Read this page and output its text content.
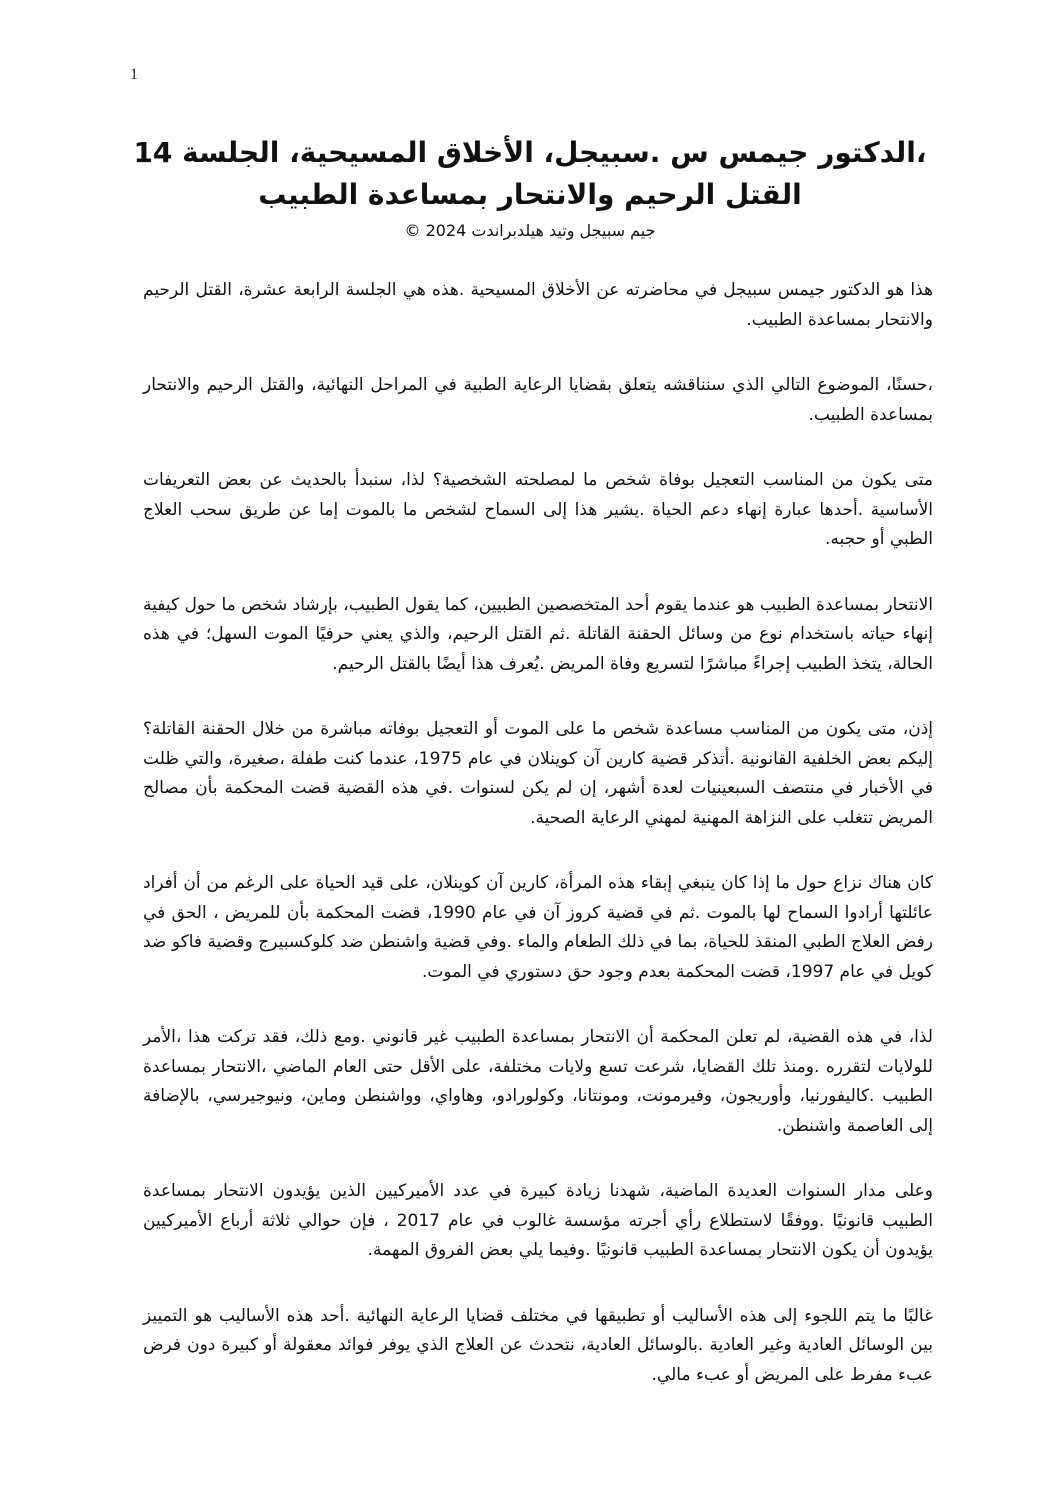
1
،الدكتور جيمس س .سبيجل، الأخلاق المسيحية، الجلسة 14
القتل الرحيم والانتحار بمساعدة الطبيب
جيم سبيجل وتيد هيلدبراندت 2024 ©

هذا هو الدكتور جيمس سبيجل في محاضرته عن الأخلاق المسيحية .هذه هي الجلسة الرابعة عشرة، القتل الرحيم والانتحار بمساعدة الطبيب.

،حسنًا، الموضوع التالي الذي سنناقشه يتعلق بقضايا الرعاية الطبية في المراحل النهائية، والقتل الرحيم والانتحار بمساعدة الطبيب.

متى يكون من المناسب التعجيل بوفاة شخص ما لمصلحته الشخصية؟ لذا، سنبدأ بالحديث عن بعض التعريفات الأساسية .أحدها عبارة إنهاء دعم الحياة .يشير هذا إلى السماح لشخص ما بالموت إما عن طريق سحب العلاج الطبي أو حجبه.

الانتحار بمساعدة الطبيب هو عندما يقوم أحد المتخصصين الطبيين، كما يقول الطبيب، بإرشاد شخص ما حول كيفية إنهاء حياته باستخدام نوع من وسائل الحقنة القاتلة .ثم القتل الرحيم، والذي يعني حرفيًا الموت السهل؛ في هذه الحالة، يتخذ الطبيب إجراءً مباشرًا لتسريع وفاة المريض .يُعرف هذا أيضًا بالقتل الرحيم.

إذن، متى يكون من المناسب مساعدة شخص ما على الموت أو التعجيل بوفاته مباشرة من خلال الحقنة القاتلة؟ إليكم بعض الخلفية القانونية .أتذكر قضية كارين آن كوينلان في عام 1975، عندما كنت طفلة ،صغيرة، والتي ظلت في الأخبار في منتصف السبعينيات لعدة أشهر، إن لم يكن لسنوات .في هذه القضية قضت المحكمة بأن مصالح المريض تتغلب على النزاهة المهنية لمهني الرعاية الصحية.

كان هناك نزاع حول ما إذا كان ينبغي إبقاء هذه المرأة، كارين آن كوينلان، على قيد الحياة على الرغم من أن أفراد عائلتها أرادوا السماح لها بالموت .ثم في قضية كروز آن في عام 1990، قضت المحكمة بأن للمريض ، الحق في رفض العلاج الطبي المنقذ للحياة، بما في ذلك الطعام والماء .وفي قضية واشنطن ضد كلوكسبيرج وقضية فاكو ضد كويل في عام 1997، قضت المحكمة بعدم وجود حق دستوري في الموت.

لذا، في هذه القضية، لم تعلن المحكمة أن الانتحار بمساعدة الطبيب غير قانوني .ومع ذلك، فقد تركت هذا ،الأمر للولايات لتقرره .ومنذ تلك القضايا، شرعت تسع ولايات مختلفة، على الأقل حتى العام الماضي ،الانتحار بمساعدة الطبيب .كاليفورنيا، وأوريجون، وفيرمونت، ومونتانا، وكولورادو، وهاواي، وواشنطن وماين، ونيوجيرسي، بالإضافة إلى العاصمة واشنطن.

وعلى مدار السنوات العديدة الماضية، شهدنا زيادة كبيرة في عدد الأميركيين الذين يؤيدون الانتحار بمساعدة الطبيب قانونيًا .ووفقًا لاستطلاع رأي أجرته مؤسسة غالوب في عام 2017 ، فإن حوالي ثلاثة أرباع الأميركيين يؤيدون أن يكون الانتحار بمساعدة الطبيب قانونيًا .وفيما يلي بعض الفروق المهمة.

غالبًا ما يتم اللجوء إلى هذه الأساليب أو تطبيقها في مختلف قضايا الرعاية النهائية .أحد هذه الأساليب هو التمييز بين الوسائل العادية وغير العادية .بالوسائل العادية، نتحدث عن العلاج الذي يوفر فوائد معقولة أو كبيرة دون فرض عبء مفرط على المريض أو عبء مالي.
